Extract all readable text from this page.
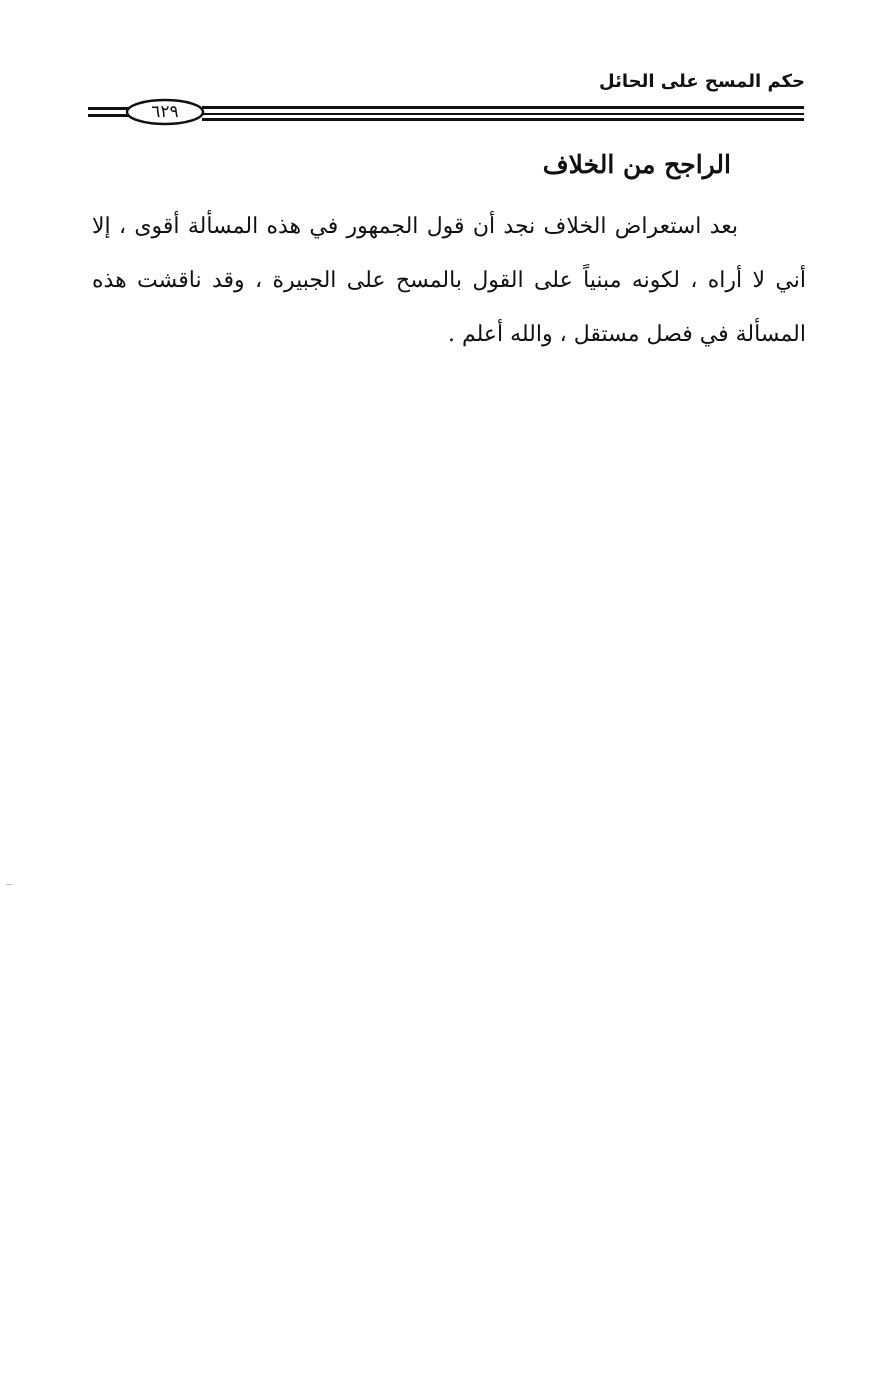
حكم المسح على الحائل
٦٢٩
الراجح من الخلاف
بعد استعراض الخلاف نجد أن قول الجمهور في هذه المسألة أقوى ، إلا أني لا أراه ، لكونه مبنياً على القول بالمسح على الجبيرة ، وقد ناقشت هذه المسألة في فصل مستقل ، والله أعلم .
